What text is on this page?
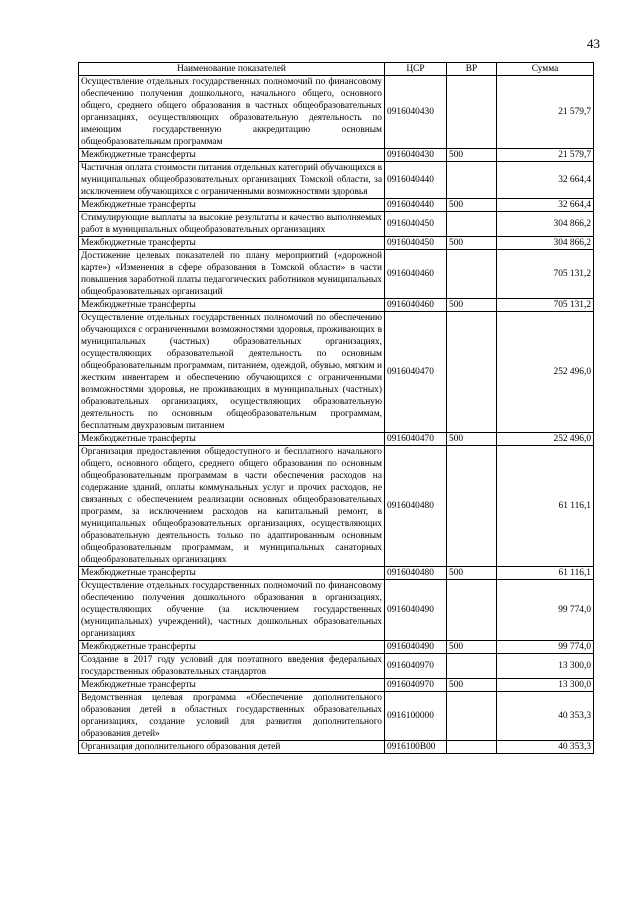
43
Наименование показателей	ЦСР	ВР	Сумма
Осуществление отдельных государственных полномочий по финансовому обеспечению получения дошкольного, начального общего, основного общего, среднего общего образования в частных общеобразовательных организациях, осуществляющих образовательную деятельность по имеющим государственную аккредитацию основным общеобразовательным программам	0916040430		21 579,7
Межбюджетные трансферты	0916040430	500	21 579,7
Частичная оплата стоимости питания отдельных категорий обучающихся в муниципальных общеобразовательных организациях Томской области, за исключением обучающихся с ограниченными возможностями здоровья	0916040440		32 664,4
Межбюджетные трансферты	0916040440	500	32 664,4
Стимулирующие выплаты за высокие результаты и качество выполняемых работ в муниципальных общеобразовательных организациях	0916040450		304 866,2
Межбюджетные трансферты	0916040450	500	304 866,2
Достижение целевых показателей по плану мероприятий («дорожной карте») «Изменения в сфере образования в Томской области» в части повышения заработной платы педагогических работников муниципальных общеобразовательных организаций	0916040460		705 131,2
Межбюджетные трансферты	0916040460	500	705 131,2
Осуществление отдельных государственных полномочий по обеспечению обучающихся с ограниченными возможностями здоровья, проживающих в муниципальных (частных) образовательных организациях, осуществляющих образовательной деятельность по основным общеобразовательным программам, питанием, одеждой, обувью, мягким и жестким инвентарем и обеспечению обучающихся с ограниченными возможностями здоровья, не проживающих в муниципальных (частных) образовательных организациях, осуществляющих образовательную деятельность по основным общеобразовательным программам, бесплатным двухразовым питанием	0916040470		252 496,0
Межбюджетные трансферты	0916040470	500	252 496,0
Организация предоставления общедоступного и бесплатного начального общего, основного общего, среднего общего образования по основным общеобразовательным программам в части обеспечения расходов на содержание зданий, оплаты коммунальных услуг и прочих расходов, не связанных с обеспечением реализации основных общеобразовательных программ, за исключением расходов на капитальный ремонт, в муниципальных общеобразовательных организациях, осуществляющих образовательную деятельность только по адаптированным основным общеобразовательным программам, и муниципальных санаторных общеобразовательных организациях	0916040480		61 116,1
Межбюджетные трансферты	0916040480	500	61 116,1
Осуществление отдельных государственных полномочий по финансовому обеспечению получения дошкольного образования в организациях, осуществляющих обучение (за исключением государственных (муниципальных) учреждений), частных дошкольных образовательных организациях	0916040490		99 774,0
Межбюджетные трансферты	0916040490	500	99 774,0
Создание в 2017 году условий для поэтапного введения федеральных государственных образовательных стандартов	0916040970		13 300,0
Межбюджетные трансферты	0916040970	500	13 300,0
Ведомственная целевая программа «Обеспечение дополнительного образования детей в областных государственных образовательных организациях, создание условий для развития дополнительного образования детей»	0916100000		40 353,3
Организация дополнительного образования детей	0916100В00		40 353,3
